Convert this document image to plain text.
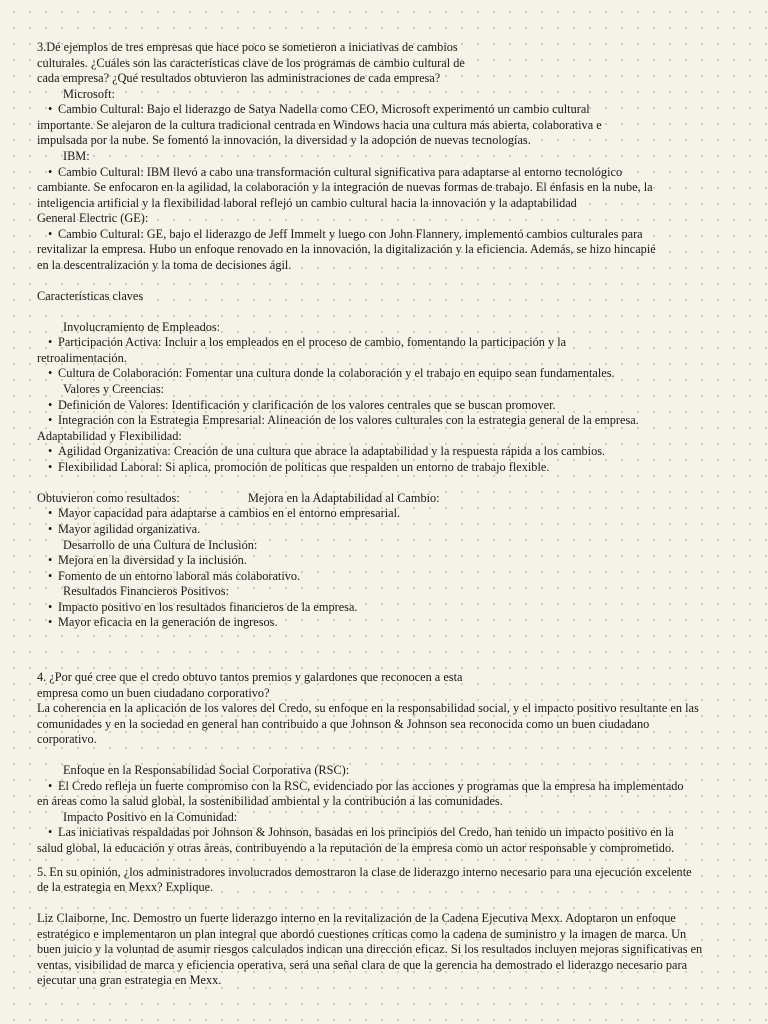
3.Dé ejemplos de tres empresas que hace poco se sometieron a iniciativas de cambios

culturales. ¿Cuáles son las características clave de los programas de cambio cultural de

cada empresa? ¿Qué resultados obtuvieron las administraciones de cada empresa?

Microsoft:

• Cambio Cultural: Bajo el liderazgo de Satya Nadella como CEO, Microsoft experimentó un cambio cultural

importante. Se alejaron de la cultura tradicional centrada en Windows hacia una cultura más abierta, colaborativa e

impulsada por la nube. Se fomentó la innovación, la diversidad y la adopción de nuevas tecnologías.

IBM:

• Cambio Cultural: IBM llevó a cabo una transformación cultural significativa para adaptarse al entorno tecnológico

cambiante. Se enfocaron en la agilidad, la colaboración y la integración de nuevas formas de trabajo. El énfasis en la nube, la

inteligencia artificial y la flexibilidad laboral reflejó un cambio cultural hacia la innovación y la adaptabilidad

General Electric (GE):

• Cambio Cultural: GE, bajo el liderazgo de Jeff Immelt y luego con John Flannery, implementó cambios culturales para

revitalizar la empresa. Hubo un enfoque renovado en la innovación, la digitalización y la eficiencia. Además, se hizo hincapié

en la descentralización y la toma de decisiones ágil.

Características claves

Involucramiento de Empleados:

• Participación Activa: Incluir a los empleados en el proceso de cambio, fomentando la participación y la

retroalimentación.

• Cultura de Colaboración: Fomentar una cultura donde la colaboración y el trabajo en equipo sean fundamentales.

Valores y Creencias:

• Definición de Valores: Identificación y clarificación de los valores centrales que se buscan promover.

• Integración con la Estrategia Empresarial: Alineación de los valores culturales con la estrategia general de la empresa.

Adaptabilidad y Flexibilidad:

• Agilidad Organizativa: Creación de una cultura que abrace la adaptabilidad y la respuesta rápida a los cambios.

• Flexibilidad Laboral: Si aplica, promoción de políticas que respalden un entorno de trabajo flexible.

Obtuvieron como resultados:	Mejora en la Adaptabilidad al Cambio:

• Mayor capacidad para adaptarse a cambios en el entorno empresarial.

• Mayor agilidad organizativa.

Desarrollo de una Cultura de Inclusión:

• Mejora en la diversidad y la inclusión.

• Fomento de un entorno laboral más colaborativo.

Resultados Financieros Positivos:

• Impacto positivo en los resultados financieros de la empresa.

• Mayor eficacia en la generación de ingresos.

4. ¿Por qué cree que el credo obtuvo tantos premios y galardones que reconocen a esta

empresa como un buen ciudadano corporativo?

La coherencia en la aplicación de los valores del Credo, su enfoque en la responsabilidad social, y el impacto positivo resultante en las

comunidades y en la sociedad en general han contribuido a que Johnson & Johnson sea reconocida como un buen ciudadano

corporativo.

Enfoque en la Responsabilidad Social Corporativa (RSC):

• El Credo refleja un fuerte compromiso con la RSC, evidenciado por las acciones y programas que la empresa ha implementado

en áreas como la salud global, la sostenibilidad ambiental y la contribución a las comunidades.

Impacto Positivo en la Comunidad:

• Las iniciativas respaldadas por Johnson & Johnson, basadas en los principios del Credo, han tenido un impacto positivo en la

salud global, la educación y otras áreas, contribuyendo a la reputación de la empresa como un actor responsable y comprometido.

5. En su opinión, ¿los administradores involucrados demostraron la clase de liderazgo interno necesario para una ejecución excelente

de la estrategia en Mexx? Explique.

Liz Claiborne, Inc. Demostro un fuerte liderazgo interno en la revitalización de la Cadena Ejecutiva Mexx. Adoptaron un enfoque

estratégico e implementaron un plan integral que abordó cuestiones críticas como la cadena de suministro y la imagen de marca. Un

buen juicio y la voluntad de asumir riesgos calculados indican una dirección eficaz. Si los resultados incluyen mejoras significativas en

ventas, visibilidad de marca y eficiencia operativa, será una señal clara de que la gerencia ha demostrado el liderazgo necesario para

ejecutar una gran estrategia en Mexx.
